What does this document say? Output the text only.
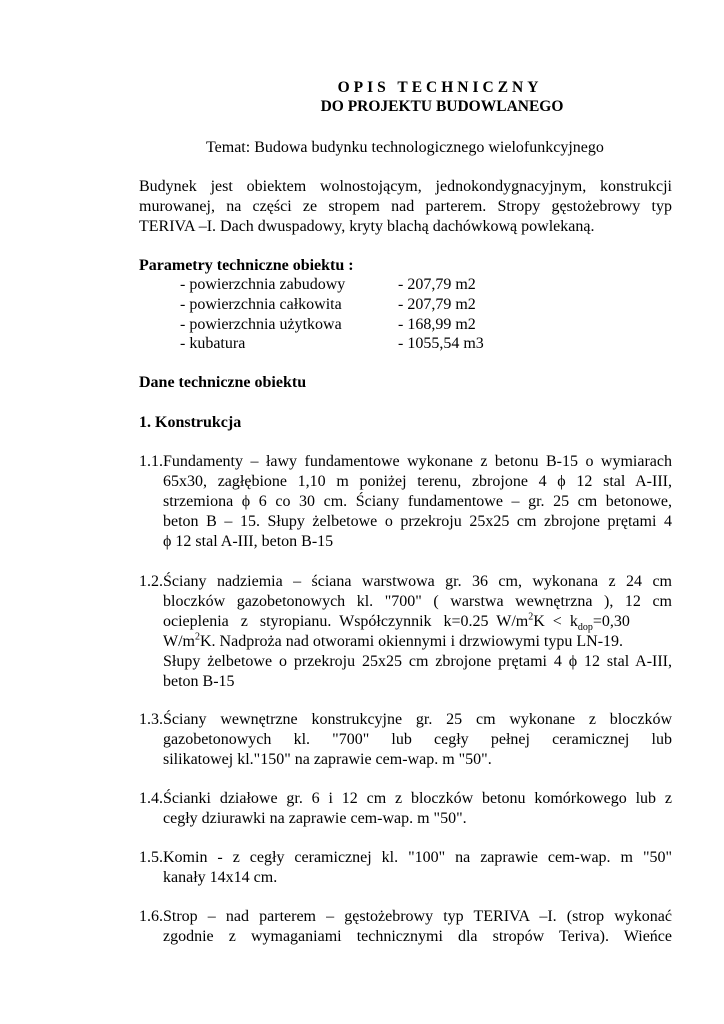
OPIS TECHNICZNY
DO PROJEKTU BUDOWLANEGO
Temat: Budowa budynku technologicznego wielofunkcyjnego

Budynek jest obiektem wolnostojącym, jednokondygnacyjnym, konstrukcji

murowanej, na części ze stropem nad parterem. Stropy gęstożebrowy typ

TERIVA –I. Dach dwuspadowy, kryty blachą dachówkową powlekaną.

Parametry techniczne obiektu :
- powierzchnia zabudowy	- 207,79 m2
- powierzchnia całkowita	- 207,79 m2
- powierzchnia użytkowa	- 168,99 m2
- kubatura	- 1055,54 m3
Dane techniczne obiektu
1. Konstrukcja
1.1.Fundamenty – ławy fundamentowe wykonane z betonu B-15 o wymiarach
65x30, zagłębione 1,10 m poniżej terenu, zbrojone 4 ϕ 12 stal A-III,
strzemiona ϕ 6 co 30 cm. Ściany fundamentowe – gr. 25 cm betonowe,
beton B – 15. Słupy żelbetowe o przekroju 25x25 cm zbrojone prętami 4
ϕ 12 stal A-III, beton B-15
1.2.Ściany nadziemia – ściana warstwowa gr. 36 cm, wykonana z 24 cm
bloczków gazobetonowych kl. "700" ( warstwa wewnętrzna ), 12 cm
ocieplenia   z   styropianu.  Współczynnik   k=0.25  $W/m^2K < k_{dop}=0,30$
$W/m^2K$. Nadproża nad otworami okiennymi i drzwiowymi typu LN-19.
Słupy żelbetowe o przekroju 25x25 cm zbrojone prętami 4 ϕ 12 stal A-III,
beton B-15
1.3.Ściany wewnętrzne konstrukcyjne gr. 25 cm wykonane z bloczków
gazobetonowych kl. "700" lub cegły pełnej ceramicznej lub
silikatowej kl."150" na zaprawie cem-wap. m "50".
1.4.Ścianki działowe gr. 6 i 12 cm z bloczków betonu komórkowego lub z
cegły dziurawki na zaprawie cem-wap. m "50".
1.5.Komin - z cegły ceramicznej kl. "100" na zaprawie cem-wap. m "50"
kanały 14x14 cm.
1.6.Strop – nad parterem – gęstożebrowy typ TERIVA –I. (strop wykonać
zgodnie z wymaganiami technicznymi dla stropów Teriva). Wieńce
